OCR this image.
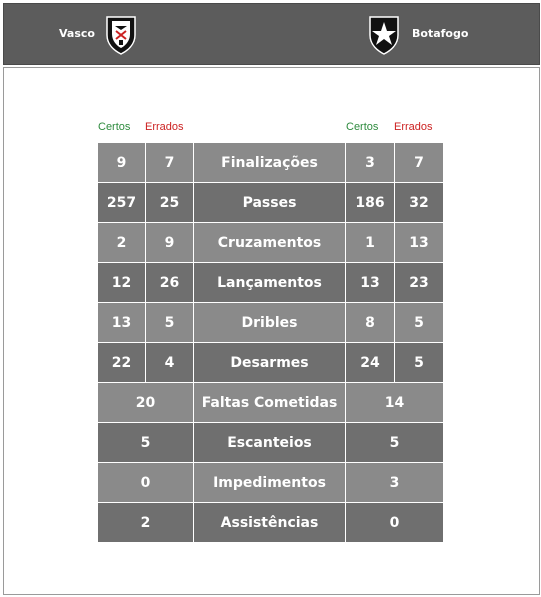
Vasco	Botafogo
Certos Errados	Certos Errados
9	7	Finalizações	3	7
257	25	Passes	186	32
2	9	Cruzamentos	1	13
12	26	Lançamentos	13	23
13	5	Dribles	8	5
22	4	Desarmes	24	5
20		Faltas Cometidas	14	
5		Escanteios	5	
0		Impedimentos	3	
2		Assistências	0	
